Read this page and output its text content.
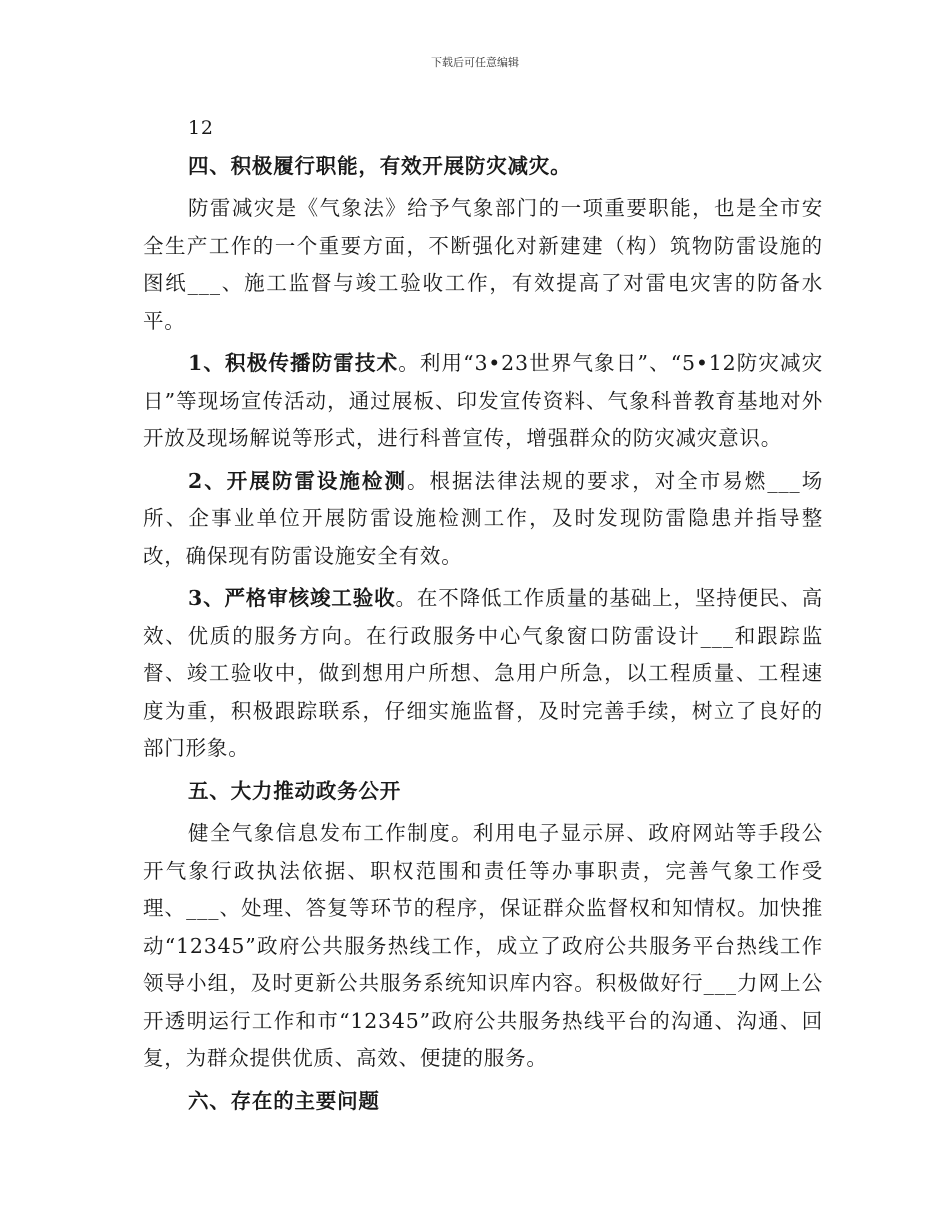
下载后可任意编辑

12

四、积极履行职能，有效开展防灾减灾。

防雷减灾是《气象法》给予气象部门的一项重要职能，也是全市安全生产工作的一个重要方面，不断强化对新建建（构）筑物防雷设施的图纸___、施工监督与竣工验收工作，有效提高了对雷电灾害的防备水平。

1、积极传播防雷技术。利用“3•23世界气象日”、“5•12防灾减灾日”等现场宣传活动，通过展板、印发宣传资料、气象科普教育基地对外开放及现场解说等形式，进行科普宣传，增强群众的防灾减灾意识。

2、开展防雷设施检测。根据法律法规的要求，对全市易燃___场所、企事业单位开展防雷设施检测工作，及时发现防雷隐患并指导整改，确保现有防雷设施安全有效。

3、严格审核竣工验收。在不降低工作质量的基础上，坚持便民、高效、优质的服务方向。在行政服务中心气象窗口防雷设计___和跟踪监督、竣工验收中，做到想用户所想、急用户所急，以工程质量、工程速度为重，积极跟踪联系，仔细实施监督，及时完善手续，树立了良好的部门形象。

五、大力推动政务公开

健全气象信息发布工作制度。利用电子显示屏、政府网站等手段公开气象行政执法依据、职权范围和责任等办事职责，完善气象工作受理、___、处理、答复等环节的程序，保证群众监督权和知情权。加快推动“12345”政府公共服务热线工作，成立了政府公共服务平台热线工作领导小组，及时更新公共服务系统知识库内容。积极做好行___力网上公开透明运行工作和市“12345”政府公共服务热线平台的沟通、沟通、回复，为群众提供优质、高效、便捷的服务。

六、存在的主要问题
